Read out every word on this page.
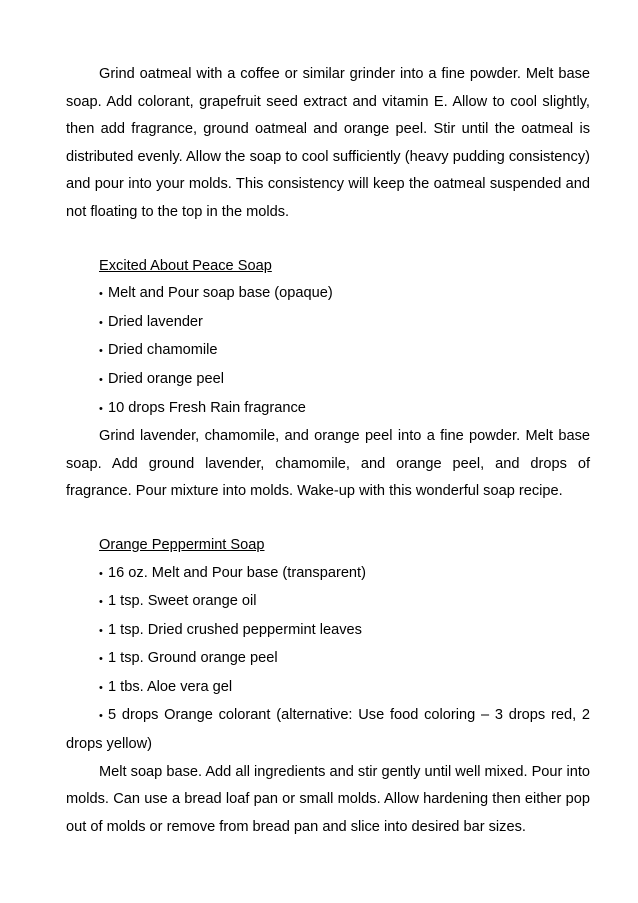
Grind oatmeal with a coffee or similar grinder into a fine powder. Melt base soap. Add colorant, grapefruit seed extract and vitamin E. Allow to cool slightly, then add fragrance, ground oatmeal and orange peel. Stir until the oatmeal is distributed evenly. Allow the soap to cool sufficiently (heavy pudding consistency) and pour into your molds. This consistency will keep the oatmeal suspended and not floating to the top in the molds.

Excited About Peace Soap

• Melt and Pour soap base (opaque)

• Dried lavender

• Dried chamomile

• Dried orange peel

• 10 drops Fresh Rain fragrance

Grind lavender, chamomile, and orange peel into a fine powder. Melt base soap. Add ground lavender, chamomile, and orange peel, and drops of fragrance. Pour mixture into molds. Wake-up with this wonderful soap recipe.

Orange Peppermint Soap

• 16 oz. Melt and Pour base (transparent)

• 1 tsp. Sweet orange oil

• 1 tsp. Dried crushed peppermint leaves

• 1 tsp. Ground orange peel

• 1 tbs. Aloe vera gel

• 5 drops Orange colorant (alternative: Use food coloring – 3 drops red, 2 drops yellow)

Melt soap base. Add all ingredients and stir gently until well mixed. Pour into molds. Can use a bread loaf pan or small molds. Allow hardening then either pop out of molds or remove from bread pan and slice into desired bar sizes.
